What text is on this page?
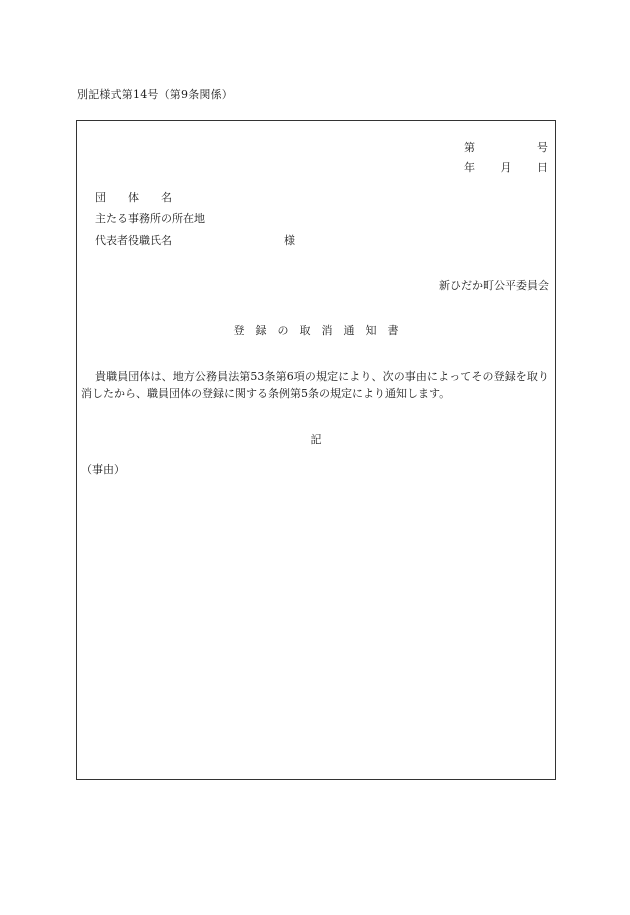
別記様式第14号（第9条関係）
第	号
年 月 日
団 体 名
主たる事務所の所在地
代表者役職氏名	様
新ひだか町公平委員会
登録の取消通知書
貴職員団体は、地方公務員法第53条第6項の規定により、次の事由によってその登録を取り消したから、職員団体の登録に関する条例第5条の規定により通知します。
記
（事由）
